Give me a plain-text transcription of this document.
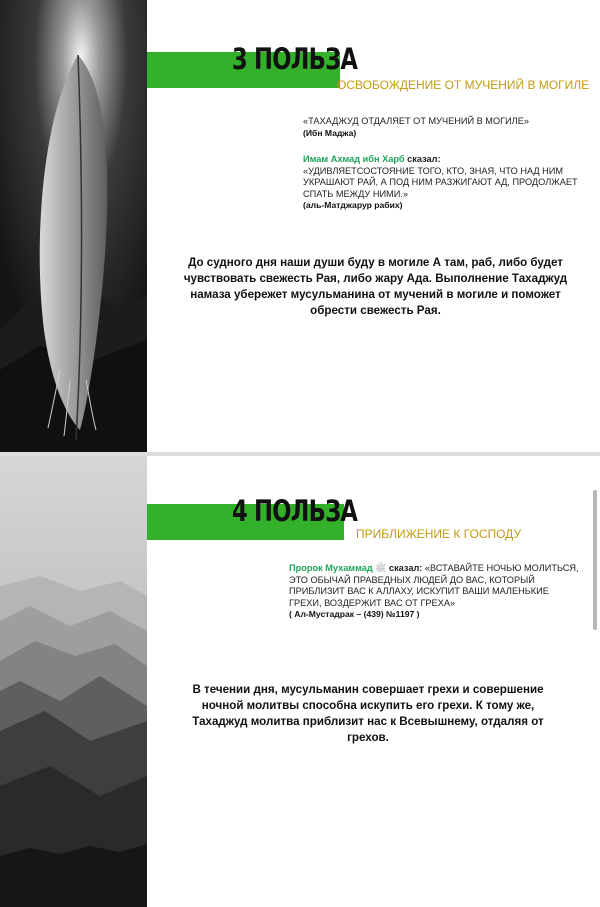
3 ПОЛЬЗА
ОСВОБОЖДЕНИЕ ОТ МУЧЕНИЙ В МОГИЛЕ
«ТАХАДЖУД ОТДАЛЯЕТ ОТ МУЧЕНИЙ В МОГИЛЕ»
(Ибн Маджа)
Имам Ахмад ибн Харб сказал:
«УДИВЛЯЕТСОСТОЯНИЕ ТОГО, КТО, ЗНАЯ, ЧТО НАД НИМ УКРАШАЮТ РАЙ, А ПОД НИМ РАЗЖИГАЮТ АД, ПРОДОЛЖАЕТ СПАТЬ МЕЖДУ НИМИ.»
(аль-Матджарур рабих)
До судного дня наши души буду в могиле А там, раб, либо будет чувствовать свежесть Рая, либо жару Ада. Выполнение Тахаджуд намаза убережет мусульманина от мучений в могиле и поможет обрести свежесть Рая.
4 ПОЛЬЗА
ПРИБЛИЖЕНИЕ К ГОСПОДУ
Пророк Мухаммад ﷺ сказал: «ВСТАВАЙТЕ НОЧЬЮ МОЛИТЬСЯ, ЭТО ОБЫЧАЙ ПРАВЕДНЫХ ЛЮДЕЙ ДО ВАС, КОТОРЫЙ ПРИБЛИЗИТ ВАС К АЛЛАХУ, ИСКУПИТ ВАШИ МАЛЕНЬКИЕ ГРЕХИ, ВОЗДЕРЖИТ ВАС ОТ ГРЕХА»
( Ал-Мустадрак – (439) №1197 )
В течении дня, мусульманин совершает грехи и совершение ночной молитвы способна искупить его грехи. К тому же, Тахаджуд молитва приблизит нас к Всевышнему, отдаляя от грехов.
